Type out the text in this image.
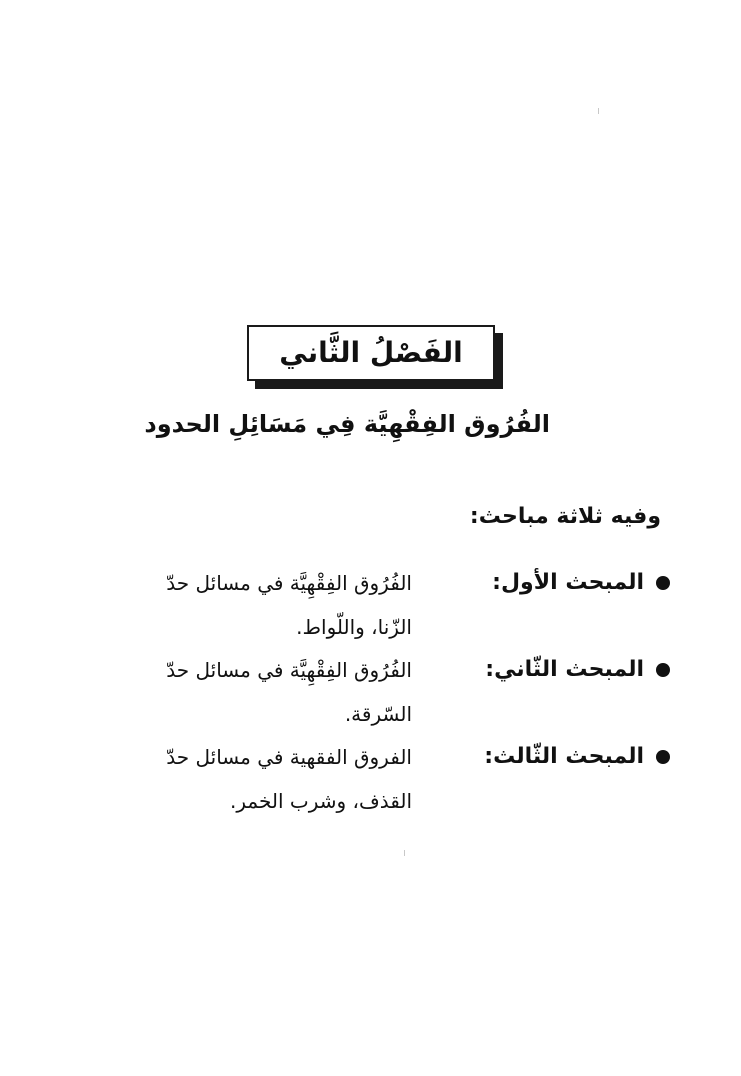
الفَصْلُ الثَّاني
الفُرُوق الفِقْهِيَّة فِي مَسَائِلِ الحدود
وفيه ثلاثة مباحث:
المبحث الأول:
الفُرُوق الفِقْهِيَّة في مسائل حدّ
الزّنا، واللّواط.
المبحث الثّاني:
الفُرُوق الفِقْهِيَّة في مسائل حدّ
السّرقة.
المبحث الثّالث:
الفروق الفقهية في مسائل حدّ
القذف، وشرب الخمر.
